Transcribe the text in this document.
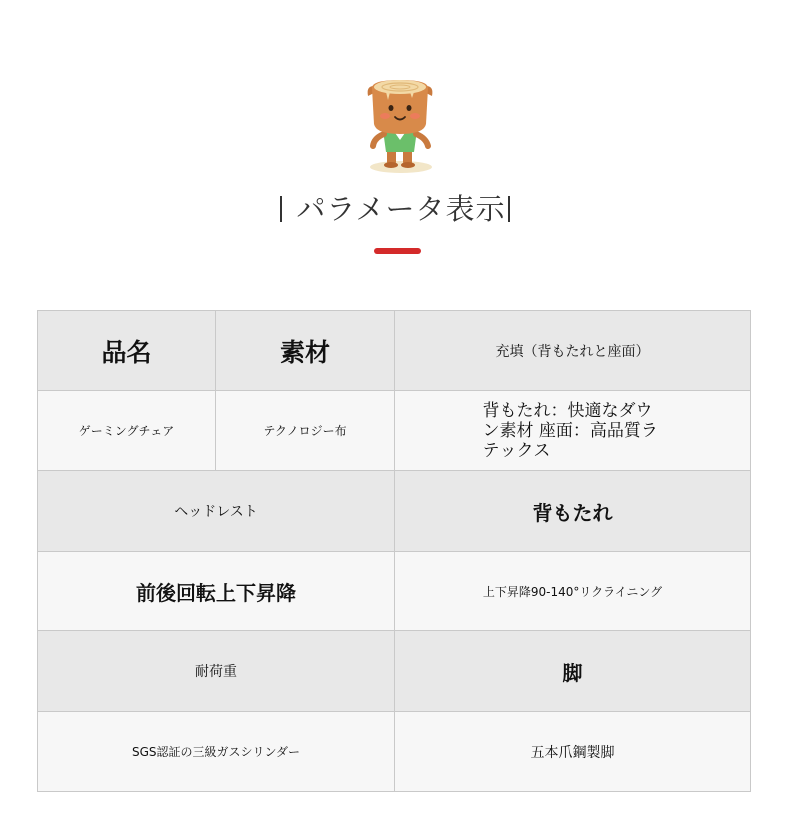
パラメータ表示
品名	素材	充填（背もたれと座面）
ゲーミングチェア	テクノロジー布	背もたれ：快適なダウン素材 座面：高品質ラテックス
ヘッドレスト		背もたれ
前後回転上下昇降		上下昇降90-140°リクライニング
耐荷重		脚
SGS認証の三級ガスシリンダー		五本爪鋼製脚
